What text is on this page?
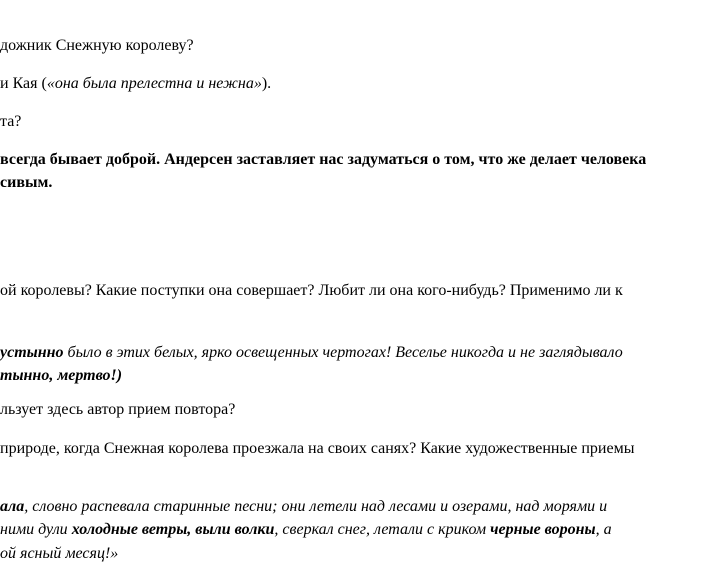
дожник Снежную королеву?
и Кая («она была прелестна и нежна»).
та?
всегда бывает доброй. Андерсен заставляет нас задуматься о том, что же делает человека
сивым.
ой королевы? Какие поступки она совершает? Любит ли она кого-нибудь? Применимо ли к
устынно было в этих белых, ярко освещенных чертогах! Веселье никогда и не заглядывало
тынно, мертво!)
льзует здесь автор прием повтора?
природе, когда Снежная королева проезжала на своих санях? Какие художественные приемы
ала, словно распевала старинные песни; они летели над лесами и озерами, над морями и
ними дули холодные ветры, выли волки, сверкал снег, летали с криком черные вороны, а
ой ясный месяц!»
